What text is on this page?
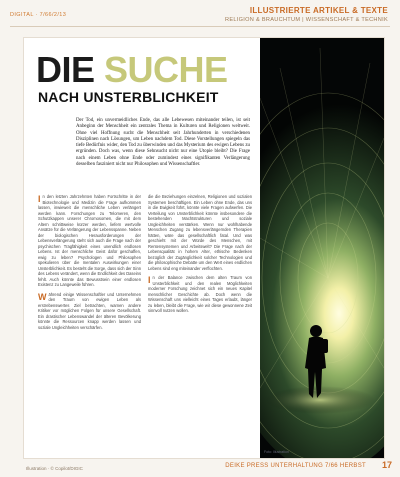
DIGITAL · 7/66/2/13	ILLUSTRIERTE ARTIKEL & TEXTE
RELIGION & BRAUCHTUM | WISSENSCHAFT & TECHNIK
DIE SUCHE
NACH UNSTERBLICHKEIT
Der Tod, ein unvermeidliches Ende, das alle Lebewesen miteinander teilen, ist seit Anbeginn der Menschheit ein zentrales Thema in Kulturen und Religionen weltweit. Ohne viel Hoffnung sucht die Menschheit seit Jahrhunderten in verschiedenen Disziplinen nach Lösungen, um Leben nachdem Tod. Diese Vorstellungen spiegeln das tiefe Bedürfnis wider, den Tod zu überwinden und das Mysterium des ewigen Lebens zu ergründen. Doch was, wenn diese Sehnsucht nicht nur eine Utopie bleibt? Die Frage nach einem Leben ohne Ende oder zumindest eines signifikanten Verlängerung desselben fasziniert nicht nur Philosophen und Wissenschaftler.

In den letzten Jahrzehnten haben Fortschritte in der Biotechnologie und Medizin die Frage aufkommen lassen, inwieweit die menschliche Leben verlängert werden kann. Forschungen zu Telomeren, den Schutzkappen unserer Chromosomen, die mit dem Altern schrittweise kürzer werden, liefern wertvolle Ansätze für die Verlängerung der Lebensspanne. Neben der biologischen Herausforderungen der Lebensverlängerung steht sich auch die Frage nach der psychischen Tragfähigkeit eines unendlich endlosen Lebens. Ist der menschliche Geist dafür geschaffen, ewig zu leben? Psychologen und Philosophen spekulieren über die mentalen Auswirkungen einer Unsterblichkeit. Es besteht die Sorge, dass sich der Sinn des Lebens verändert, wenn die Endlichkeit des Daseins fehlt. Auch könnte das Bewusstsein einer endlosen Existenz zu Langeweile führen.

Während einige Wissenschaftler und Unternehmen den Traum von ewigen Leben als erstrebenswertes Ziel betrachten, warnen andere Kritiker vor möglichen Folgen für unsere Gesellschaft. Ein drastischer Lebenswandel der älteren Bevölkerung könnte die Ressourcen knapp werden lassen und soziale Ungleichheiten verschärfen.

die die Beziehungen einzelnen, Religionen und sozialen Systemen beschäftigen. Ein Leben ohne Ende, das uns in die Ewigkeit führt, könnte viele Fragen aufwerfen. Die Verteilung von Unsterblichkeit könnte insbesondere die bestehenden Machtstrukturen und soziale Ungleichheiten verstärken. Wenn nur wohlhabende Menschen Zugang zu lebensverlängernden Therapien hätten, wäre das gesellschaftlich fatal. Und was geschieht mit der Würde des Menschen, mit Rentensystemen und Arbeitswelt? Die Frage nach der Lebensqualität in hohem Alter, ethische Bedenken bezüglich der Zugänglichkeit solcher Technologien und die philosophische Debatte um den Wert eines endlichen Lebens sind eng miteinander verflochten.

In der Balance zwischen dem alten Traum von Unsterblichkeit und den realen Möglichkeiten moderner Forschung zeichnet sich ein neues Kapitel menschlicher Geschichte ab. Doch wenn die Wissenschaft uns vielleicht eines Tages erlaubt, länger zu leben, bleibt die Frage, wie wir diese gewonnene Zeit sinnvoll nutzen wollen.

Foto: Illustration
Illustration · © Copilot/DIGIC	DEIKE PRESS UNTERHALTUNG 7/66 HERBST 17
